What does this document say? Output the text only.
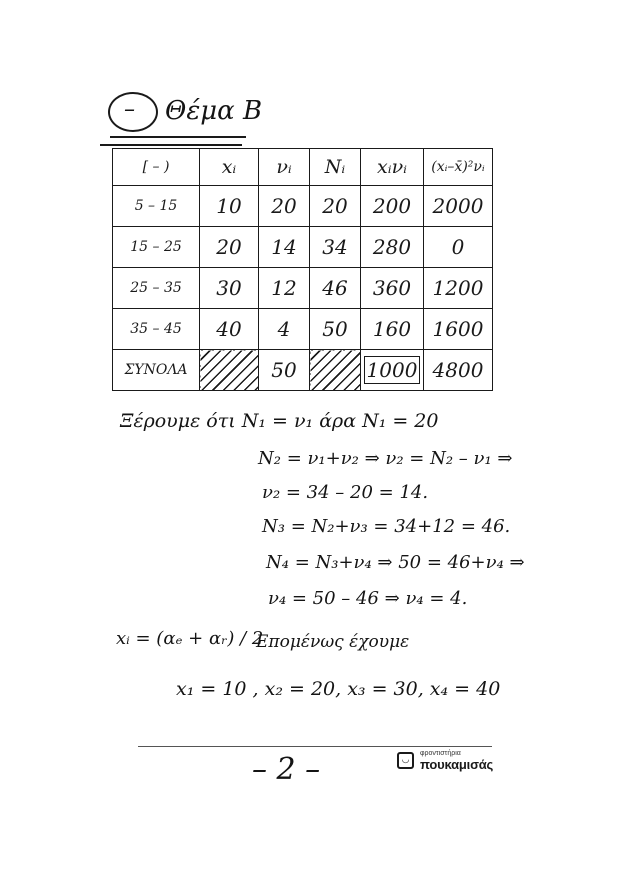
– Θέμα Β
[ – )	xᵢ	νᵢ	Nᵢ	xᵢνᵢ	(xᵢ–x̄)²νᵢ
5 – 15	10	20	20	200	2000
15 – 25	20	14	34	280	0
25 – 35	30	12	46	360	1200
35 – 45	40	4	50	160	1600
ΣΥΝΟΛΑ		50		1000	4800
Ξέρουμε ότι N₁ = ν₁ άρα N₁ = 20
N₂ = ν₁+ν₂ ⇒ ν₂ = N₂ – ν₁ ⇒
ν₂ = 34 – 20 = 14.
N₃ = N₂+ν₃ = 34+12 = 46.
N₄ = N₃+ν₄ ⇒ 50 = 46+ν₄ ⇒
ν₄ = 50 – 46 ⇒ ν₄ = 4.
xᵢ = (αₑ + αᵣ) / 2
Επομένως έχουμε
x₁ = 10 , x₂ = 20, x₃ = 30, x₄ = 40
– 2 –	◡
φροντιστήρια
πουκαμισάς
